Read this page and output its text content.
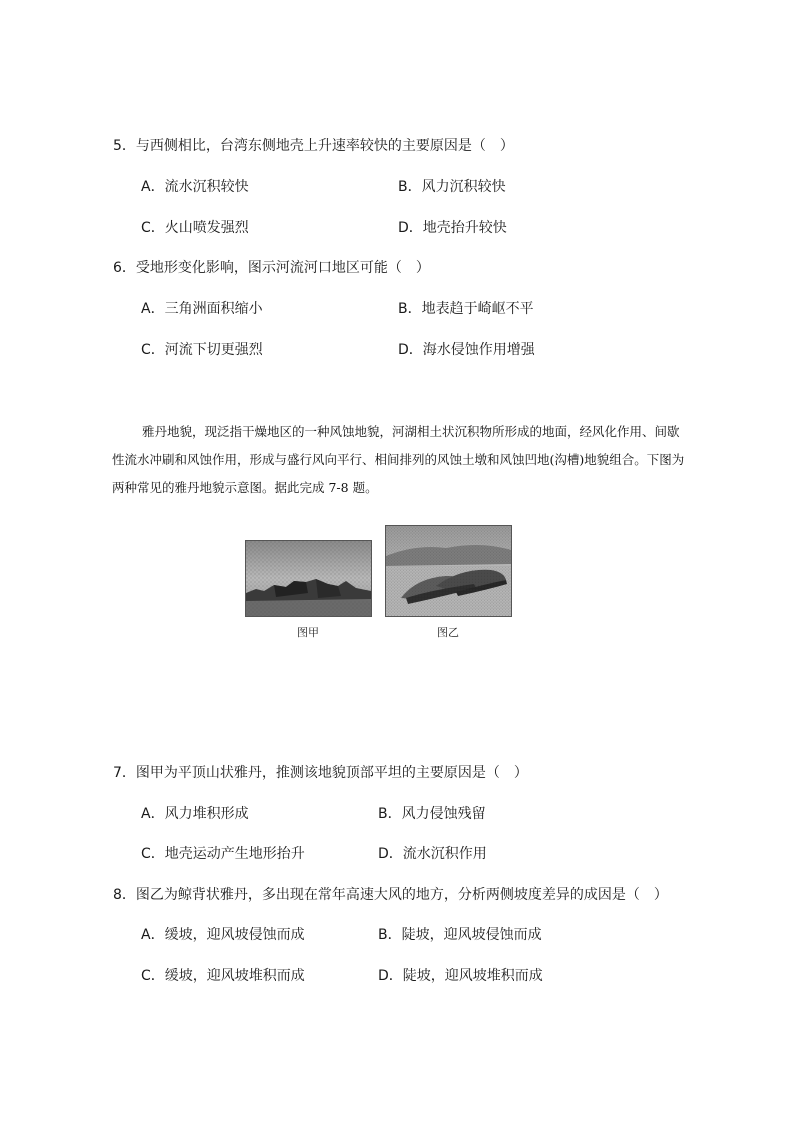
5．与西侧相比，台湾东侧地壳上升速率较快的主要原因是（　）
A．流水沉积较快	B．风力沉积较快
C．火山喷发强烈	D．地壳抬升较快
6．受地形变化影响，图示河流河口地区可能（　）
A．三角洲面积缩小	B．地表趋于崎岖不平
C．河流下切更强烈	D．海水侵蚀作用增强

雅丹地貌，现泛指干燥地区的一种风蚀地貌，河湖相土状沉积物所形成的地面，经风化作用、间歇性流水冲刷和风蚀作用，形成与盛行风向平行、相间排列的风蚀土墩和风蚀凹地(沟槽)地貌组合。下图为两种常见的雅丹地貌示意图。据此完成 7-8 题。

图甲	图乙
7．图甲为平顶山状雅丹，推测该地貌顶部平坦的主要原因是（　）
A．风力堆积形成	B．风力侵蚀残留
C．地壳运动产生地形抬升	D．流水沉积作用
8．图乙为鲸背状雅丹，多出现在常年高速大风的地方，分析两侧坡度差异的成因是（　）
A．缓坡，迎风坡侵蚀而成	B．陡坡，迎风坡侵蚀而成
C．缓坡，迎风坡堆积而成	D．陡坡，迎风坡堆积而成
